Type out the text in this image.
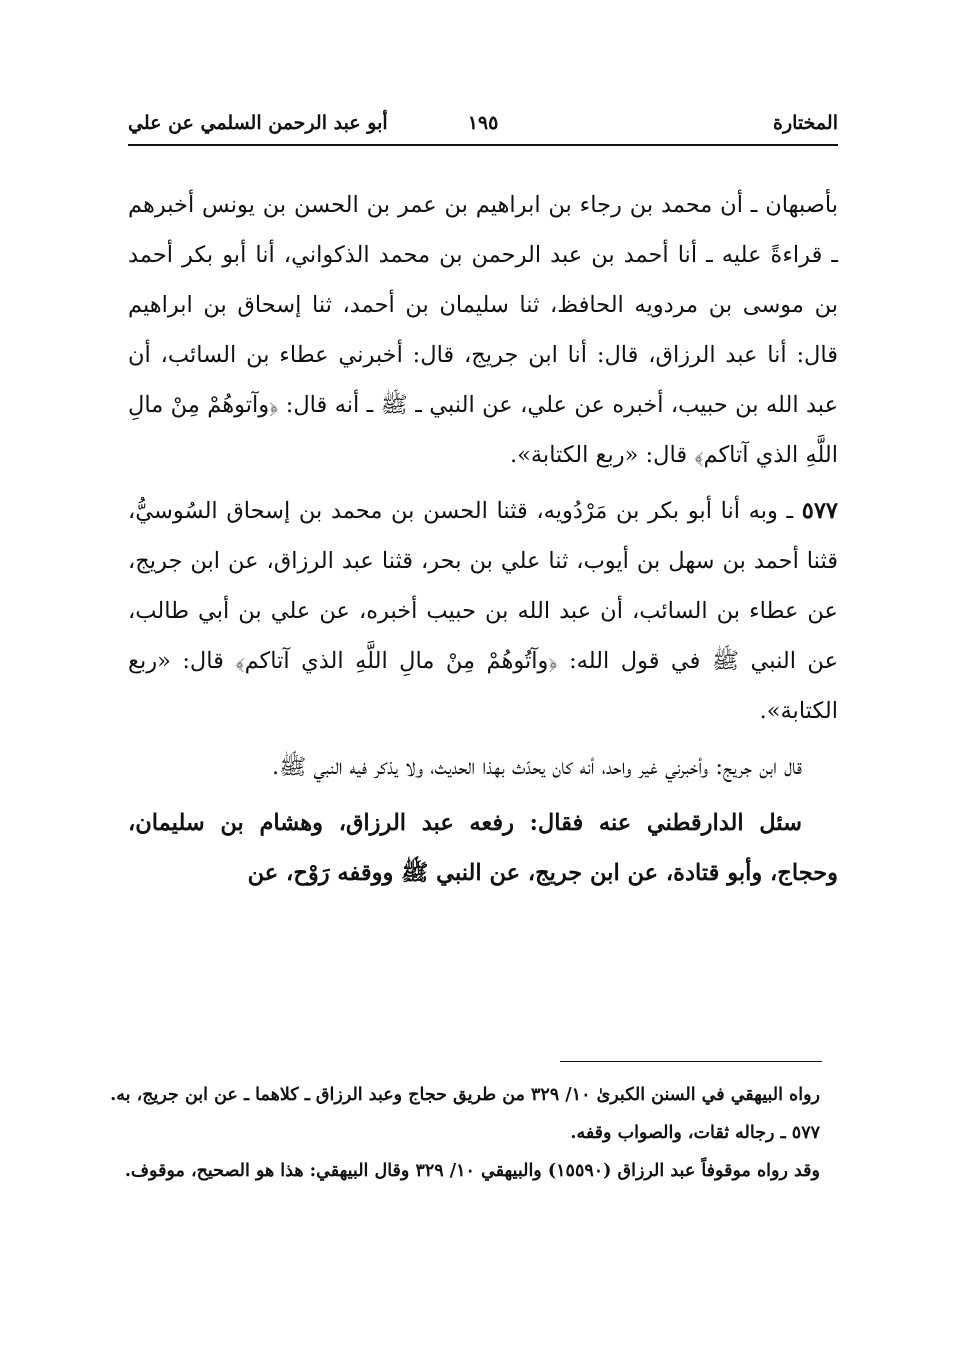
المختارة
١٩٥
أبو عبد الرحمن السلمي عن علي

بأصبهان ـ أن محمد بن رجاء بن ابراهيم بن عمر بن الحسن بن يونس أخبرهم ـ قراءةً عليه ـ أنا أحمد بن عبد الرحمن بن محمد الذكواني، أنا أبو بكر أحمد بن موسى بن مردويه الحافظ، ثنا سليمان بن أحمد، ثنا إسحاق بن ابراهيم قال: أنا عبد الرزاق، قال: أنا ابن جريج، قال: أخبرني عطاء بن السائب، أن عبد الله بن حبيب، أخبره عن علي، عن النبي ـ ﷺ ـ أنه قال: ﴿وآتوهُمْ مِنْ مالِ اللَّهِ الذي آتاكم﴾ قال: «ربع الكتابة».

٥٧٧ ـ وبه أنا أبو بكر بن مَرْدُويه، قثنا الحسن بن محمد بن إسحاق السُوسيُّ، قثنا أحمد بن سهل بن أيوب، ثنا علي بن بحر، قثنا عبد الرزاق، عن ابن جريج، عن عطاء بن السائب، أن عبد الله بن حبيب أخبره، عن علي بن أبي طالب، عن النبي ﷺ في قول الله: ﴿وآتُوهُمْ مِنْ مالِ اللَّهِ الذي آتاكم﴾ قال: «ربع الكتابة».

قال ابن جريج: وأخبرني غير واحد، أنه كان يحدّث بهذا الحديث، ولا يذكر فيه النبي ﷺ.

سئل الدارقطني عنه فقال: رفعه عبد الرزاق، وهشام بن سليمان، وحجاج، وأبو قتادة، عن ابن جريج، عن النبي ﷺ ووقفه رَوْح، عن

رواه البيهقي في السنن الكبرىٰ ١٠/ ٣٢٩ من طريق حجاج وعبد الرزاق ـ كلاهما ـ عن ابن جريج، به.

٥٧٧ ـ رجاله ثقات، والصواب وقفه.

وقد رواه موقوفاً عبد الرزاق (١٥٥٩٠) والبيهقي ١٠/ ٣٢٩ وقال البيهقي: هذا هو الصحيح، موقوف.
